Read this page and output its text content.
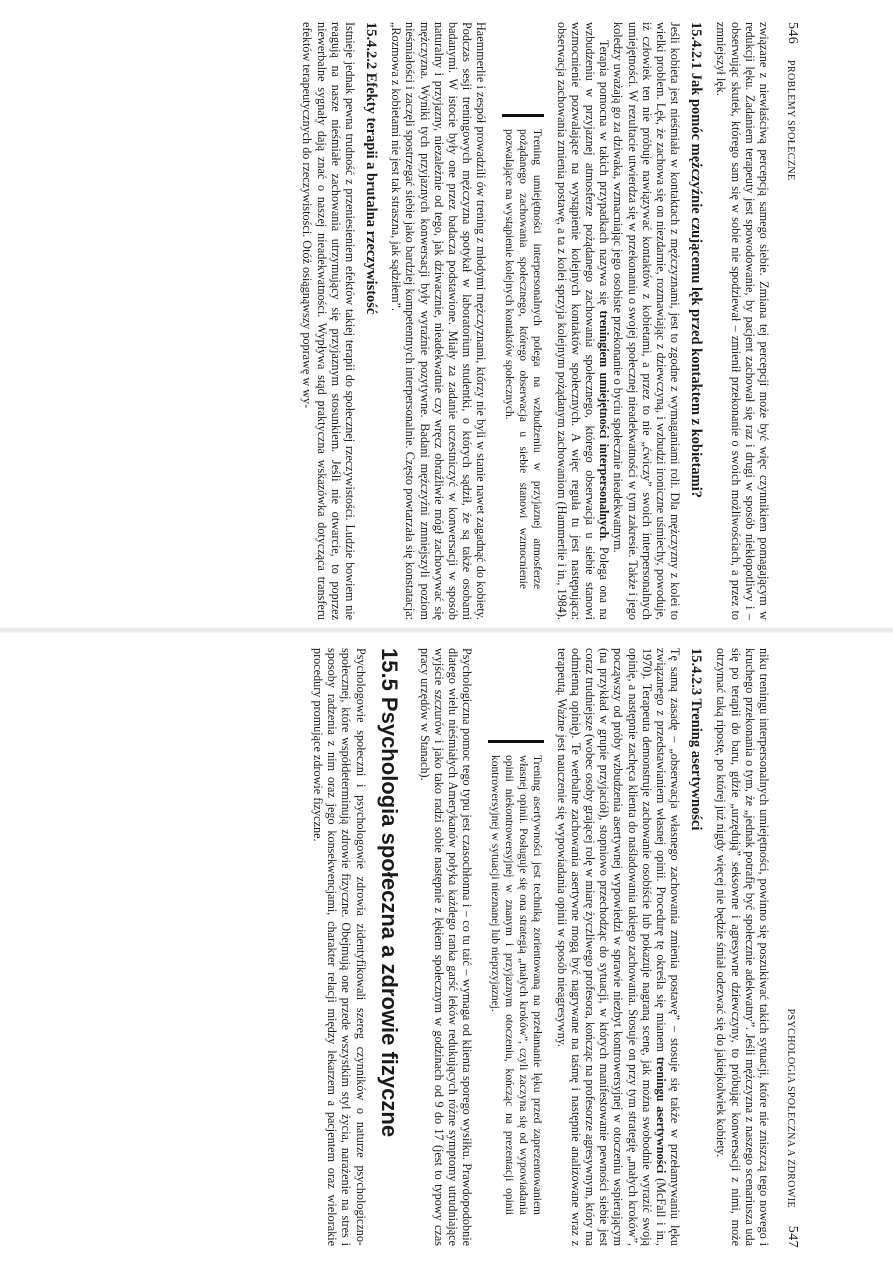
546
PROBLEMY SPOŁECZNE

związane z niewłaściwą percepcją samego siebie. Zmiana tej percepcji może być więc czynnikiem pomagającym w redukcji lęku. Zadaniem terapeuty jest spowodowanie, by pacjent zachował się raz i drugi w sposób niekłopotliwy i – obserwując skutek, którego sam się w sobie nie spodziewał – zmienił przekonanie o swoich możliwościach, a przez to zmniejszył lęk.

15.4.2.1 Jak pomóc mężczyźnie czującemu lęk przed kontaktem z kobietami?

Jeśli kobieta jest nieśmiała w kontaktach z mężczyznami, jest to zgodne z wymaganiami roli. Dla mężczyzny z kolei to wielki problem. Lęk, że zachowa się on niezdarnie, rozmawiając z dziewczyną, i wzbudzi ironiczne uśmiechy, powoduje, iż człowiek ten nie próbuje nawiązywać kontaktów z kobietami, a przez to nie „ćwiczy” swoich interpersonalnych umiejętności. W rezultacie utwierdza się w przekonaniu o swojej społecznej nieadekwatności w tym zakresie. Także i jego koledzy uważają go za dziwaka, wzmacniając jego osobiste przekonanie o byciu społecznie nieadekwatnym.

Terapia pomocna w takich przypadkach nazywa się treningiem umiejętności interpersonalnych. Polega ona na wzbudzeniu w przyjaznej atmosferze pożądanego zachowania społecznego, którego obserwacja u siebie stanowi wzmocnienie pozwalające na wystąpienie kolejnych kontaktów społecznych. A więc reguła tu jest następująca: obserwacja zachowania zmienia postawę, a ta z kolei sprzyja kolejnym pożądanym zachowaniom (Hammerlie i in., 1984).

Trening umiejętności interpersonalnych polega na wzbudzeniu w przyjaznej atmosferze pożądanego zachowania społecznego, którego obserwacja u siebie stanowi wzmocnienie pozwalające na wystąpienie kolejnych kontaktów społecznych.

Haemmerlie i zespół prowadzili ów trening z młodymi mężczyznami, którzy nie byli w stanie nawet zagadnąć do kobiety. Podczas sesji treningowych mężczyzna spotykał w laboratorium studentki, o których sądził, że są także osobami badanymi. W istocie były one przez badacza podstawione. Miały za zadanie uczestniczyć w konwersacji w sposób naturalny i przyjazny, niezależnie od tego, jak dziwacznie, nieadekwatnie czy wręcz obraźliwie mógł zachowywać się mężczyzna. Wyniki tych przyjaznych konwersacji były wyraźnie pozytywne. Badani mężczyźni zmniejszyli poziom nieśmiałości i zaczęli spostrzegać siebie jako bardziej kompetentnych interpersonalnie. Często powtarzała się konstatacja: „Rozmowa z kobietami nie jest tak straszna, jak sądziłem”.

15.4.2.2 Efekty terapii a brutalna rzeczywistość

Istnieje jednak pewna trudność z przeniesieniem efektów takiej terapii do społecznej rzeczywistości. Ludzie bowiem nie reagują na nasze nieśmiałe zachowania utrzymujący się przyjaznym stosunkiem. Jeśli nie otwarcie, to poprzez niewerbalne sygnały dają znać o naszej nieadekwatności. Wypływa stąd praktyczna wskazówka dotycząca transferu efektów terapeutycznych do rzeczywistości. Otóż osiągnąwszy poprawę w wy-

PSYCHOLOGIA SPOŁECZNA A ZDROWIE
547

niku treningu interpersonalnych umiejętności, powinno się poszukiwać takich sytuacji, które nie zniszczą tego nowego i kruchego przekonania o tym, że „jednak potrafię być społecznie adekwatny”. Jeśli mężczyzna z naszego scenariusza uda się po terapii do baru, gdzie „urzędują” seksowne i agresywne dziewczyny, to próbując konwersacji z nimi, może otrzymać taką ripostę, po której już nigdy więcej nie będzie śmiał odezwać się do jakiejkolwiek kobiety.

15.4.2.3 Trening asertywności

Tę samą zasadę – „obserwacja własnego zachowania zmienia postawę” – stosuje się także w przełamywaniu lęku związanego z przedstawianiem własnej opinii. Procedurę tę określa się mianem treningu asertywności (McFall i in., 1970). Terapeuta demonstruje zachowanie osobiście lub pokazuje nagraną scenę, jak można swobodnie wyrazić swoją opinię, a następnie zachęca klienta do naśladowania takiego zachowania. Stosuje on przy tym strategię „małych kroków”, począwszy od próby wzbudzenia asertywnej wypowiedzi w sprawie niezbyt kontrowersyjnej w otoczeniu wspierającym (na przykład w grupie przyjaciół), stopniowo przechodząc do sytuacji, w których manifestowanie pewności siebie jest coraz trudniejsze (wobec osoby grającej rolę w miarę życzliwego profesora, kończąc na profesorze agresywnym, który ma odmienną opinię). Te werbalne zachowania asertywne mogą być nagrywane na taśmę i następnie analizowane wraz z terapeutą. Ważne jest nauczenie się wypowiadania opinii w sposób nieagresywny.

Trening asertywności jest techniką zorientowaną na przełamanie lęku przed zaprezentowaniem własnej opinii. Posługuje się ona strategią „małych kroków”, czyli zaczyna się od wypowiadania opinii niekontrowersyjnej w znanym i przyjaznym otoczeniu, kończąc na prezentacji opinii kontrowersyjnej w sytuacji nieznanej lub nieprzyjaznej.

Psychologiczna pomoc tego typu jest czasochłonna i – co tu taić – wymaga od klienta sporego wysiłku. Prawdopodobnie dlatego wielu nieśmiałych Amerykanów połyka każdego ranka garść leków redukujących różne symptomy utrudniające wyjście szczurów i jako tako radzi sobie następnie z lękiem społecznym w godzinach od 9 do 17 (jest to typowy czas pracy urzędów w Stanach).

15.5 Psychologia społeczna a zdrowie fizyczne

Psychologowie społeczni i psychologowie zdrowia zidentyfikowali szereg czynników o naturze psychologiczno-społecznej, które współdeterminują zdrowie fizyczne. Obejmują one przede wszystkim styl życia, narażenie na stres i sposoby radzenia z nim oraz jego konsekwencjami, charakter relacji między lekarzem a pacjentem oraz wielorakie procedury promujące zdrowie fizyczne.
